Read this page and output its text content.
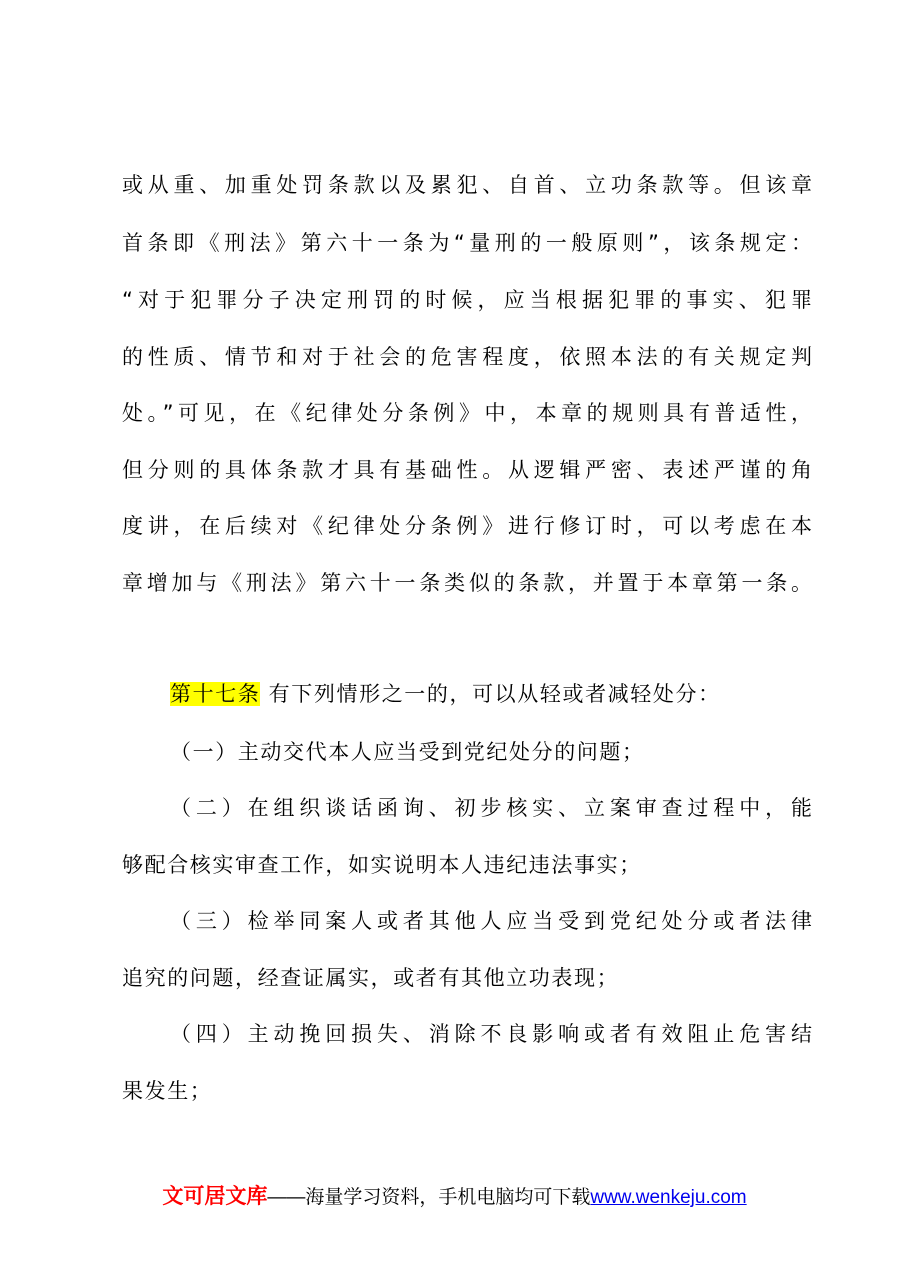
或从重、加重处罚条款以及累犯、自首、立功条款等。但该章
首条即《刑法》第六十一条为“量刑的一般原则”，该条规定：
“对于犯罪分子决定刑罚的时候，应当根据犯罪的事实、犯罪
的性质、情节和对于社会的危害程度，依照本法的有关规定判
处。”可见，在《纪律处分条例》中，本章的规则具有普适性，
但分则的具体条款才具有基础性。从逻辑严密、表述严谨的角
度讲，在后续对《纪律处分条例》进行修订时，可以考虑在本
章增加与《刑法》第六十一条类似的条款，并置于本章第一条。
第十七条 有下列情形之一的，可以从轻或者减轻处分：
（一）主动交代本人应当受到党纪处分的问题；
（二）在组织谈话函询、初步核实、立案审查过程中，能
够配合核实审查工作，如实说明本人违纪违法事实；
（三）检举同案人或者其他人应当受到党纪处分或者法律
追究的问题，经查证属实，或者有其他立功表现；
（四）主动挽回损失、消除不良影响或者有效阻止危害结
果发生；
文可居文库——海量学习资料，手机电脑均可下载www.wenkeju.com
